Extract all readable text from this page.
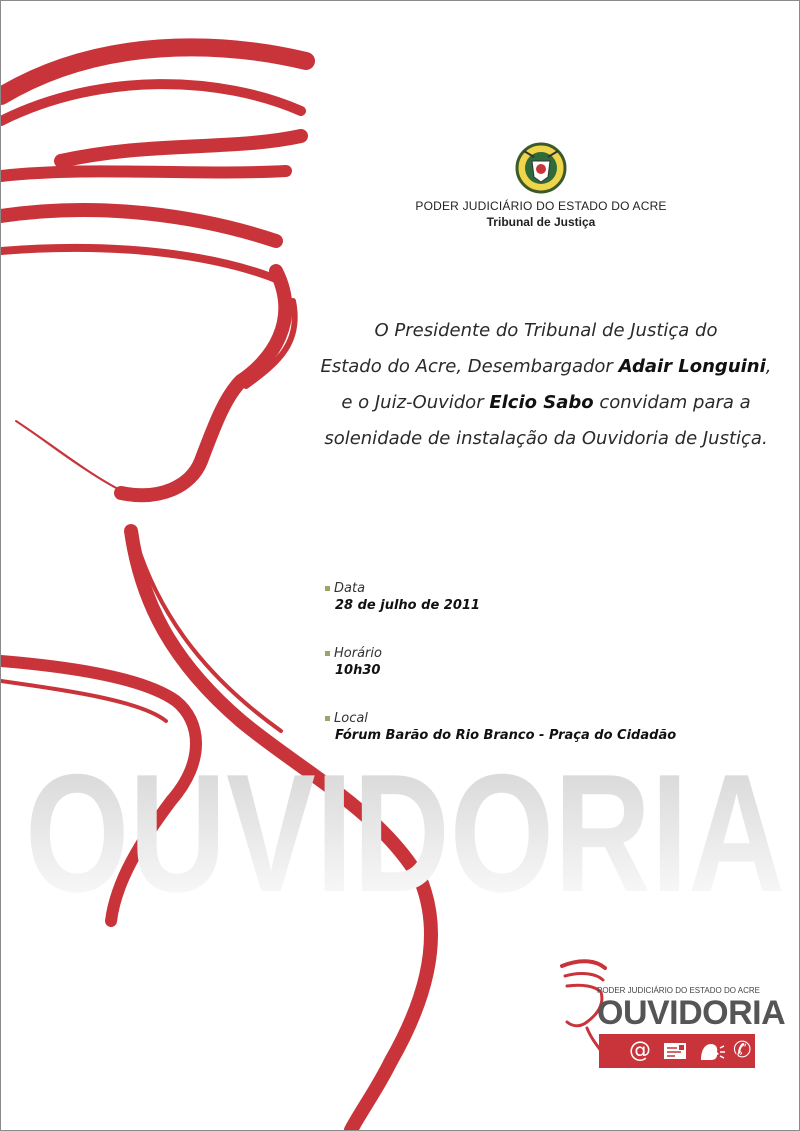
OUVIDORIA
PODER JUDICIÁRIO DO ESTADO DO ACRE
Tribunal de Justiça
O Presidente do Tribunal de Justiça do
Estado do Acre, Desembargador Adair Longuini,
e o Juiz-Ouvidor Elcio Sabo convidam para a
solenidade de instalação da Ouvidoria de Justiça.
Data
28 de julho de 2011
Horário
10h30
Local
Fórum Barão do Rio Branco - Praça do Cidadão
PODER JUDICIÁRIO DO ESTADO DO ACRE
OUVIDORIA
@	✆
